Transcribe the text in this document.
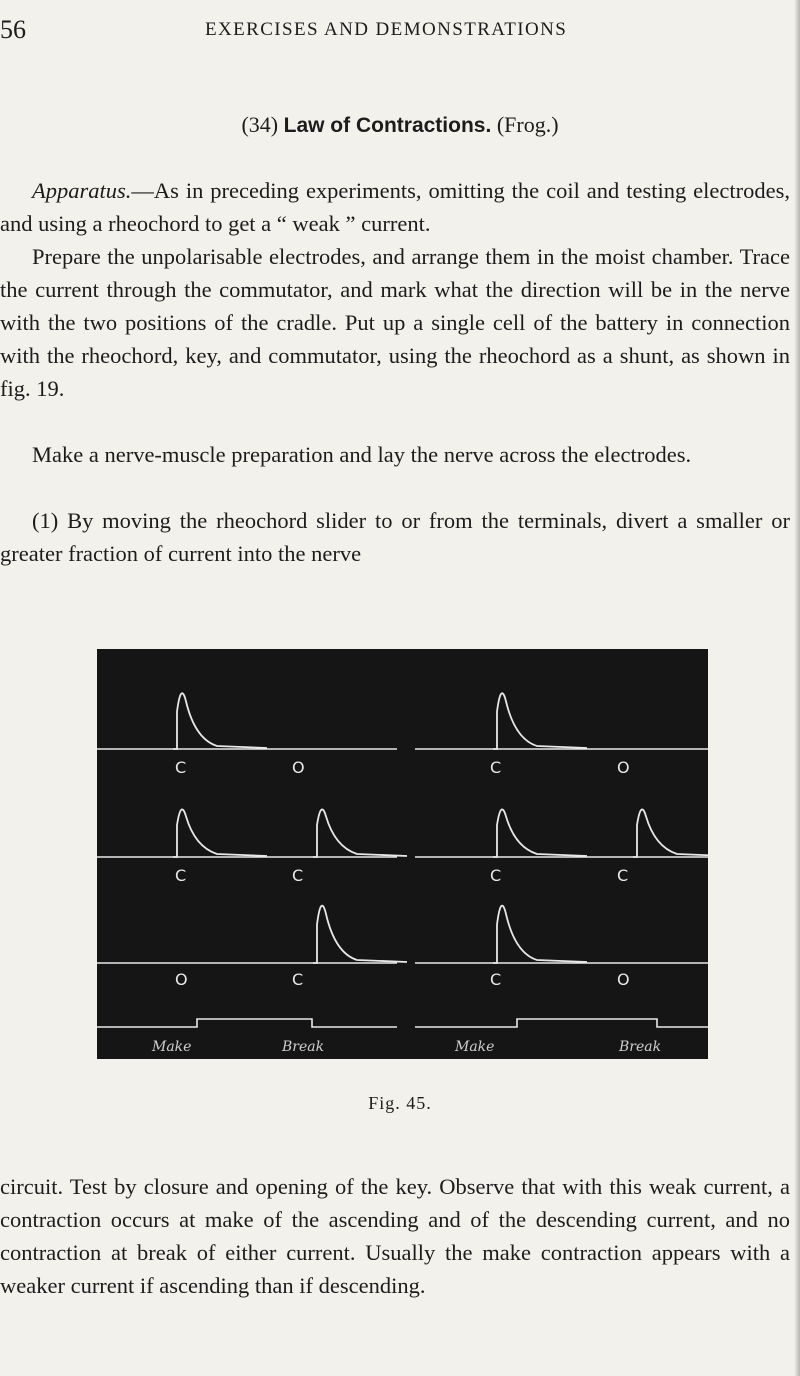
56	EXERCISES AND DEMONSTRATIONS
(34) Law of Contractions. (Frog.)

Apparatus.—As in preceding experiments, omitting the coil and testing electrodes, and using a rheochord to get a “ weak ” current.

Prepare the unpolarisable electrodes, and arrange them in the moist chamber. Trace the current through the commutator, and mark what the direction will be in the nerve with the two positions of the cradle. Put up a single cell of the battery in connection with the rheochord, key, and commutator, using the rheochord as a shunt, as shown in fig. 19.

Make a nerve-muscle preparation and lay the nerve across the electrodes.

(1) By moving the rheochord slider to or from the terminals, divert a smaller or greater fraction of current into the nerve

C	O	C	O
C	C	C	C
O	C	C	O
Make	Break	Make	Break
Fig. 45.

circuit. Test by closure and opening of the key. Observe that with this weak current, a contraction occurs at make of the ascending and of the descending current, and no contraction at break of either current. Usually the make contraction appears with a weaker current if ascending than if descending.
